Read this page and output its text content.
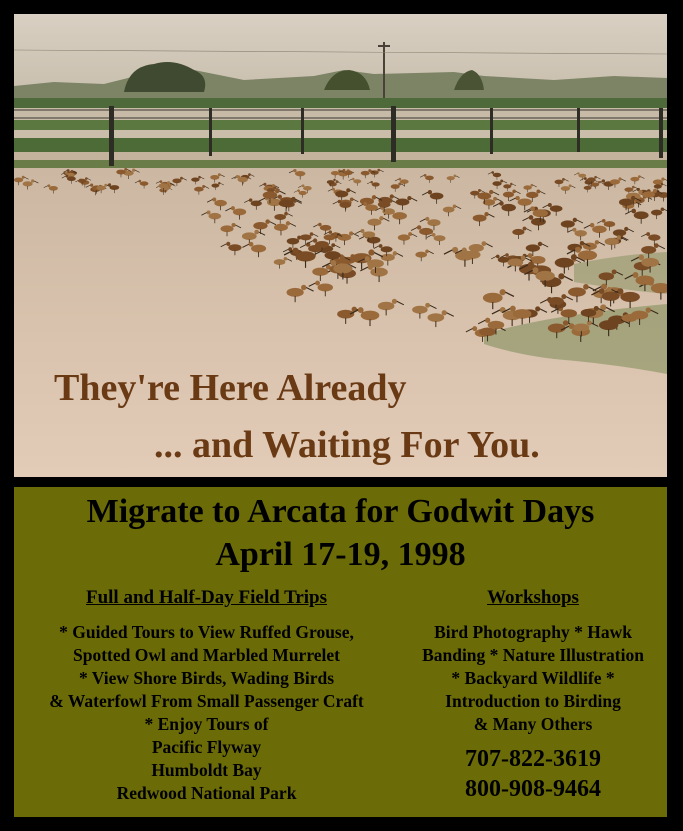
They're Here Already
... and Waiting For You.
Migrate to Arcata for Godwit Days
April 17-19, 1998
Full and Half-Day Field Trips
* Guided Tours to View Ruffed Grouse,
Spotted Owl and Marbled Murrelet
* View Shore Birds, Wading Birds
& Waterfowl From Small Passenger Craft
* Enjoy Tours of
Pacific Flyway
Humboldt Bay
Redwood National Park
Workshops
Bird Photography * Hawk
Banding * Nature Illustration
* Backyard Wildlife *
Introduction to Birding
& Many Others
707-822-3619
800-908-9464
